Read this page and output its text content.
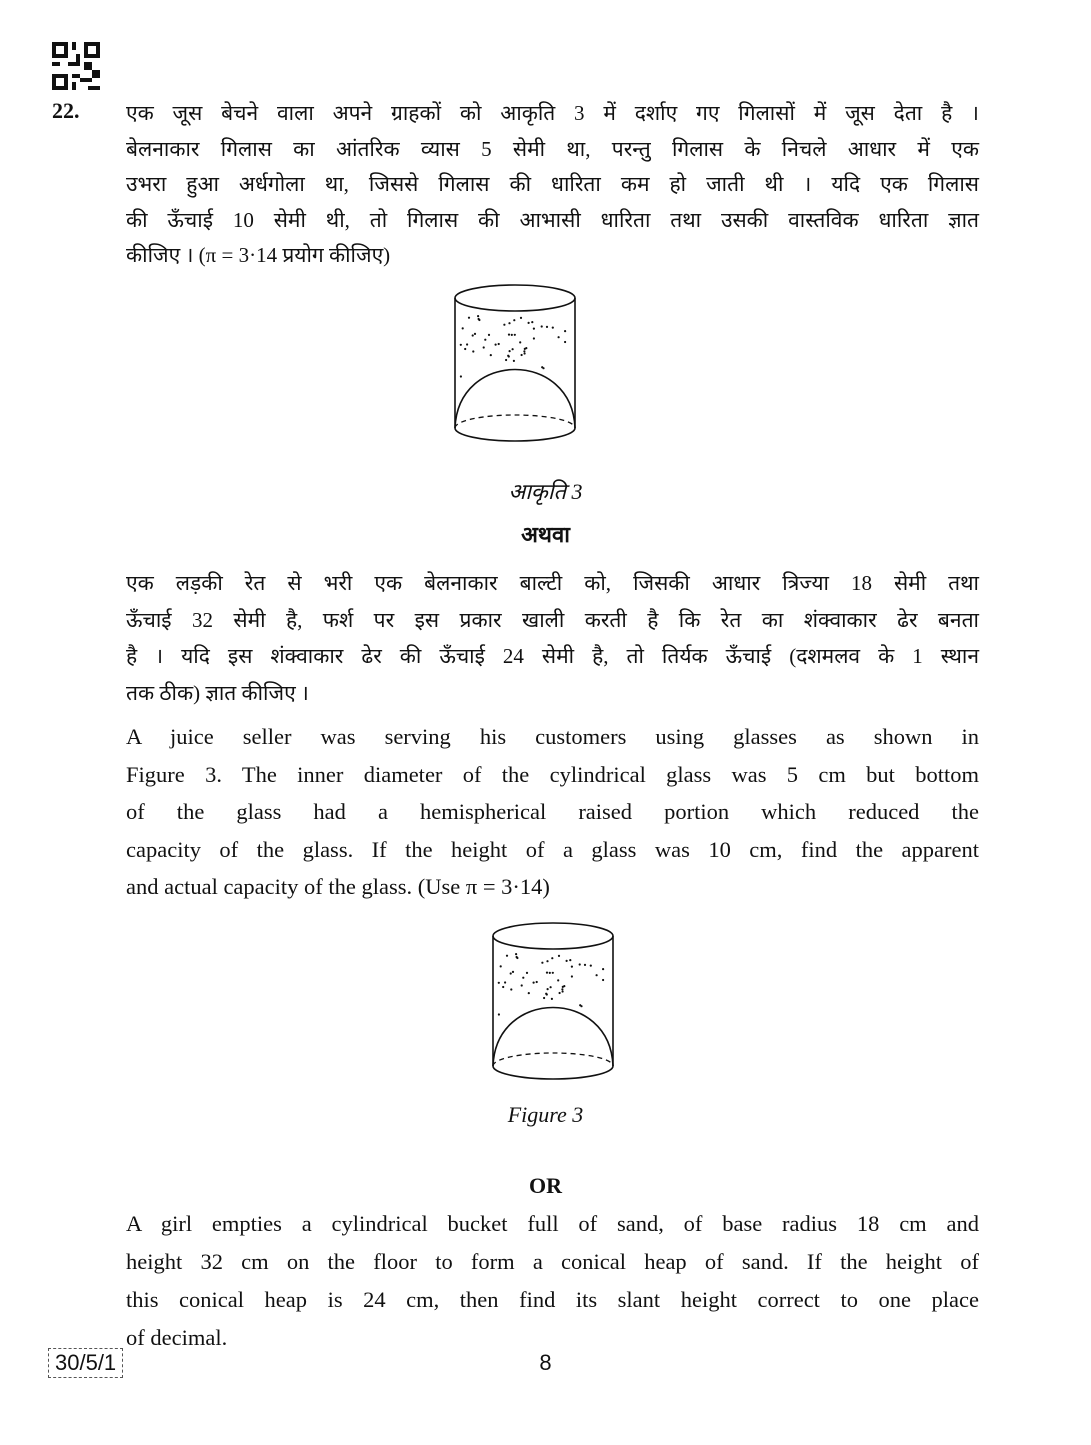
22. एक जूस बेचने वाला अपने ग्राहकों को आकृति 3 में दर्शाए गए गिलासों में जूस देता है ।
बेलनाकार गिलास का आंतरिक व्यास 5 सेमी था, परन्तु गिलास के निचले आधार में एक
उभरा हुआ अर्धगोला था, जिससे गिलास की धारिता कम हो जाती थी । यदि एक गिलास
की ऊँचाई 10 सेमी थी, तो गिलास की आभासी धारिता तथा उसकी वास्तविक धारिता ज्ञात
कीजिए । (π = 3·14 प्रयोग कीजिए)
आकृति 3
अथवा
एक लड़की रेत से भरी एक बेलनाकार बाल्टी को, जिसकी आधार त्रिज्या 18 सेमी तथा
ऊँचाई 32 सेमी है, फर्श पर इस प्रकार खाली करती है कि रेत का शंक्वाकार ढेर बनता
है । यदि इस शंक्वाकार ढेर की ऊँचाई 24 सेमी है, तो तिर्यक ऊँचाई (दशमलव के 1 स्थान
तक ठीक) ज्ञात कीजिए ।
A juice seller was serving his customers using glasses as shown in
Figure 3. The inner diameter of the cylindrical glass was 5 cm but bottom
of the glass had a hemispherical raised portion which reduced the
capacity of the glass. If the height of a glass was 10 cm, find the apparent
and actual capacity of the glass. (Use π = 3·14)
Figure 3
OR
A girl empties a cylindrical bucket full of sand, of base radius 18 cm and
height 32 cm on the floor to form a conical heap of sand. If the height of
this conical heap is 24 cm, then find its slant height correct to one place
of decimal.
30/5/1	8
